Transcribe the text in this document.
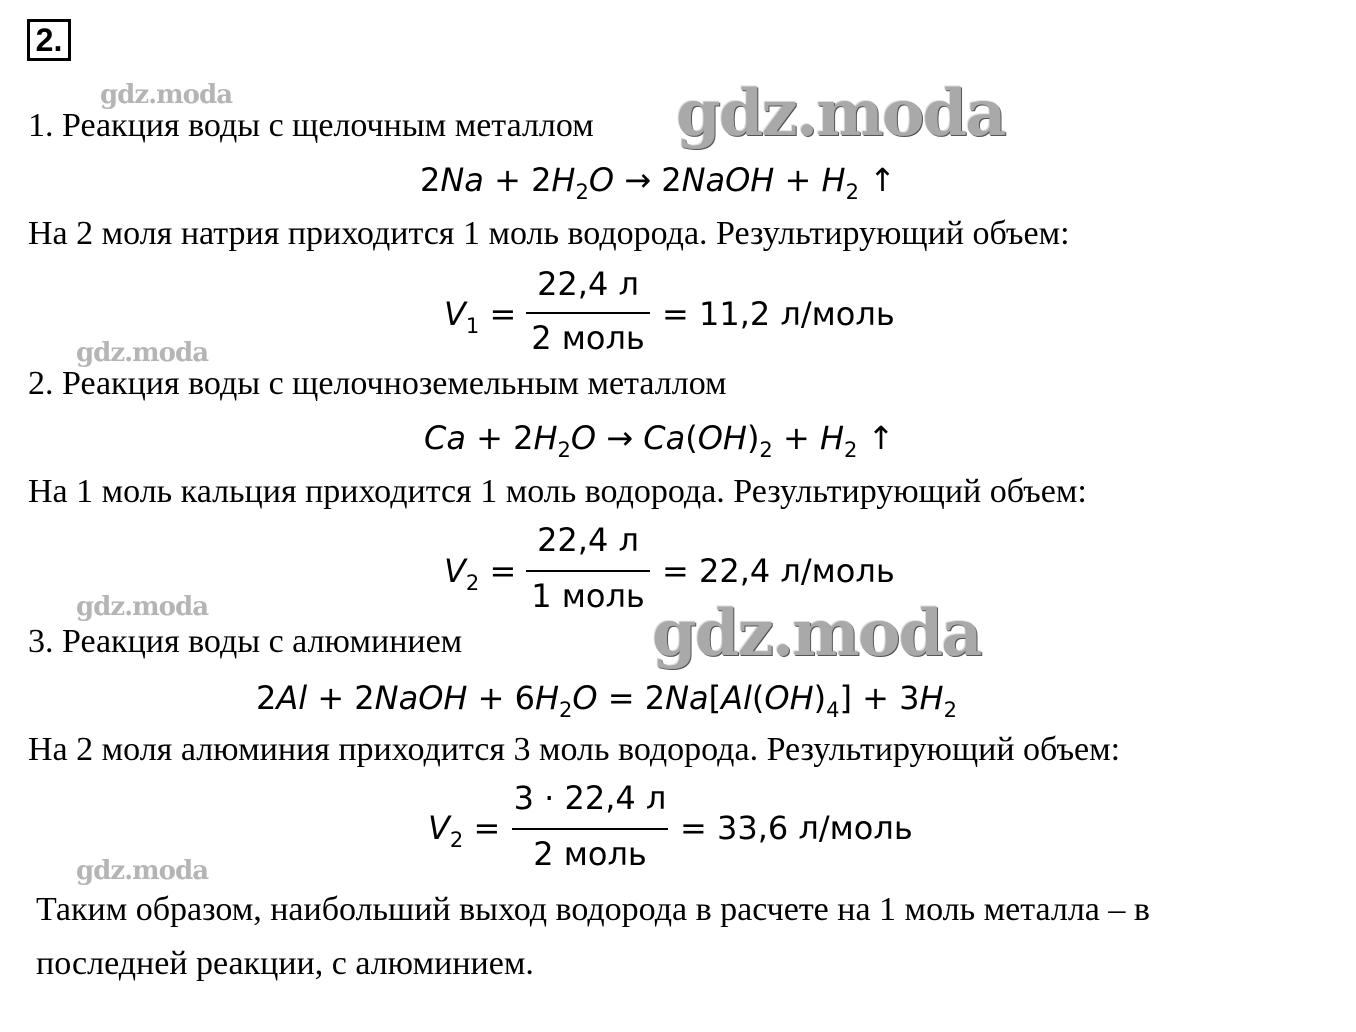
2.
gdz.moda	gdz.moda
gdz.moda
gdz.moda	gdz.moda
gdz.moda
1. Реакция воды с щелочным металлом
$2Na + 2H_2O$ → 2NaOH + $H_2$ ↑
На 2 моля натрия приходится 1 моль водорода. Результирующий объем:
$V_1$ =
22,4 л
2 моль
= 11,2 л/моль
2. Реакция воды с щелочноземельным металлом
$Ca + 2H_2O \to Ca(OH)_2 + H_2$ ↑
На 1 моль кальция приходится 1 моль водорода. Результирующий объем:
$V_2$ =
22,4 л
1 моль
= 22,4 л/моль
3. Реакция воды с алюминием
2Al + 2NaOH + $6H_2O = 2Na[Al(OH)_4] + 3H_2$
На 2 моля алюминия приходится 3 моль водорода. Результирующий объем:
$V_2$ =
3 · 22,4 л
2 моль
= 33,6 л/моль
Таким образом, наибольший выход водорода в расчете на 1 моль металла – в
последней реакции, с алюминием.
